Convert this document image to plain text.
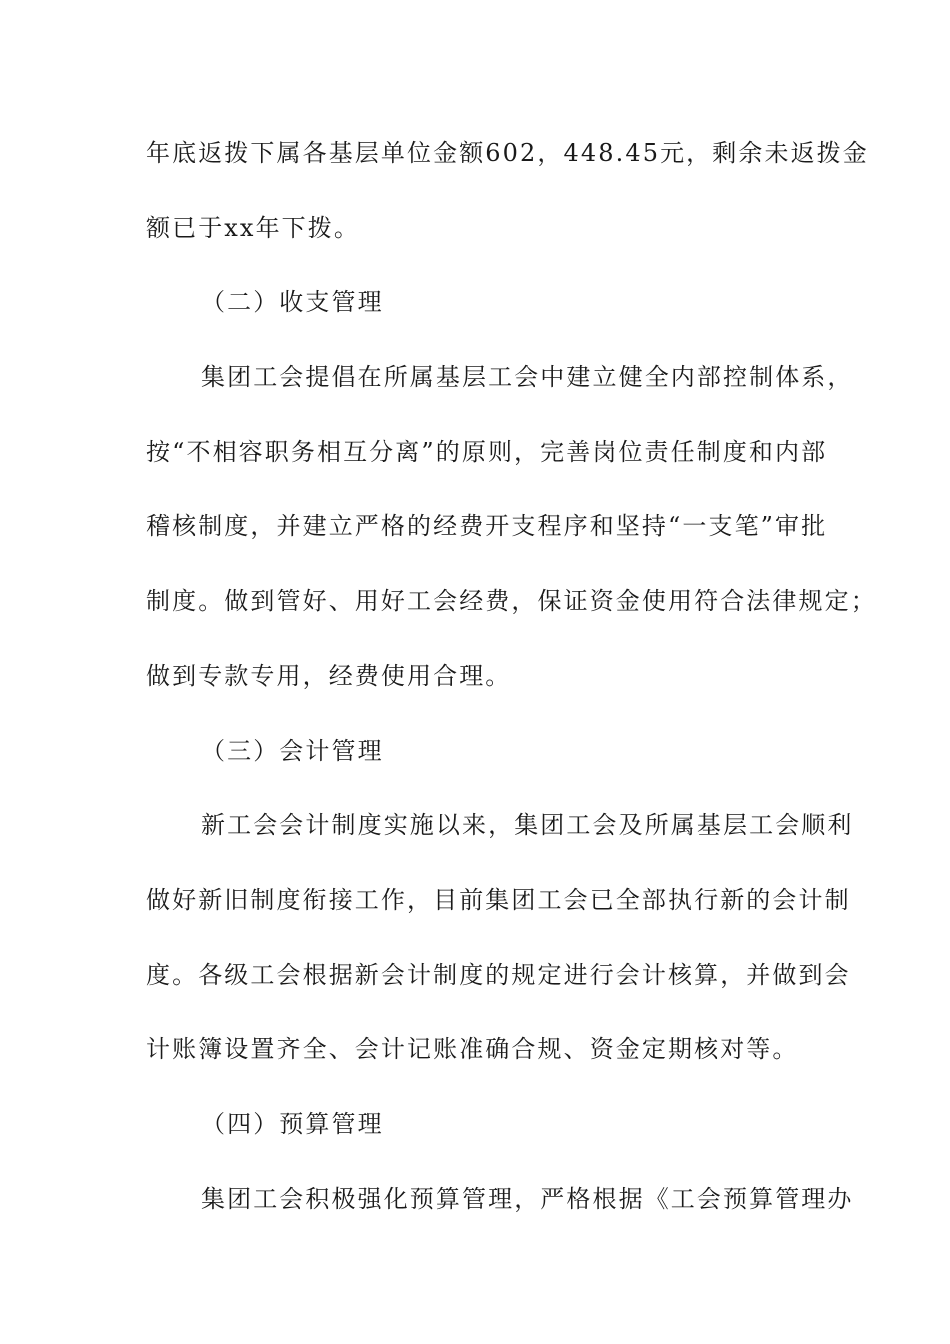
年底返拨下属各基层单位金额602，448.45元，剩余未返拨金
额已于xx年下拨。
（二）收支管理
集团工会提倡在所属基层工会中建立健全内部控制体系，
按“不相容职务相互分离”的原则，完善岗位责任制度和内部
稽核制度，并建立严格的经费开支程序和坚持“一支笔”审批
制度。做到管好、用好工会经费，保证资金使用符合法律规定；
做到专款专用，经费使用合理。
（三）会计管理
新工会会计制度实施以来，集团工会及所属基层工会顺利
做好新旧制度衔接工作，目前集团工会已全部执行新的会计制
度。各级工会根据新会计制度的规定进行会计核算，并做到会
计账簿设置齐全、会计记账准确合规、资金定期核对等。
（四）预算管理
集团工会积极强化预算管理，严格根据《工会预算管理办
